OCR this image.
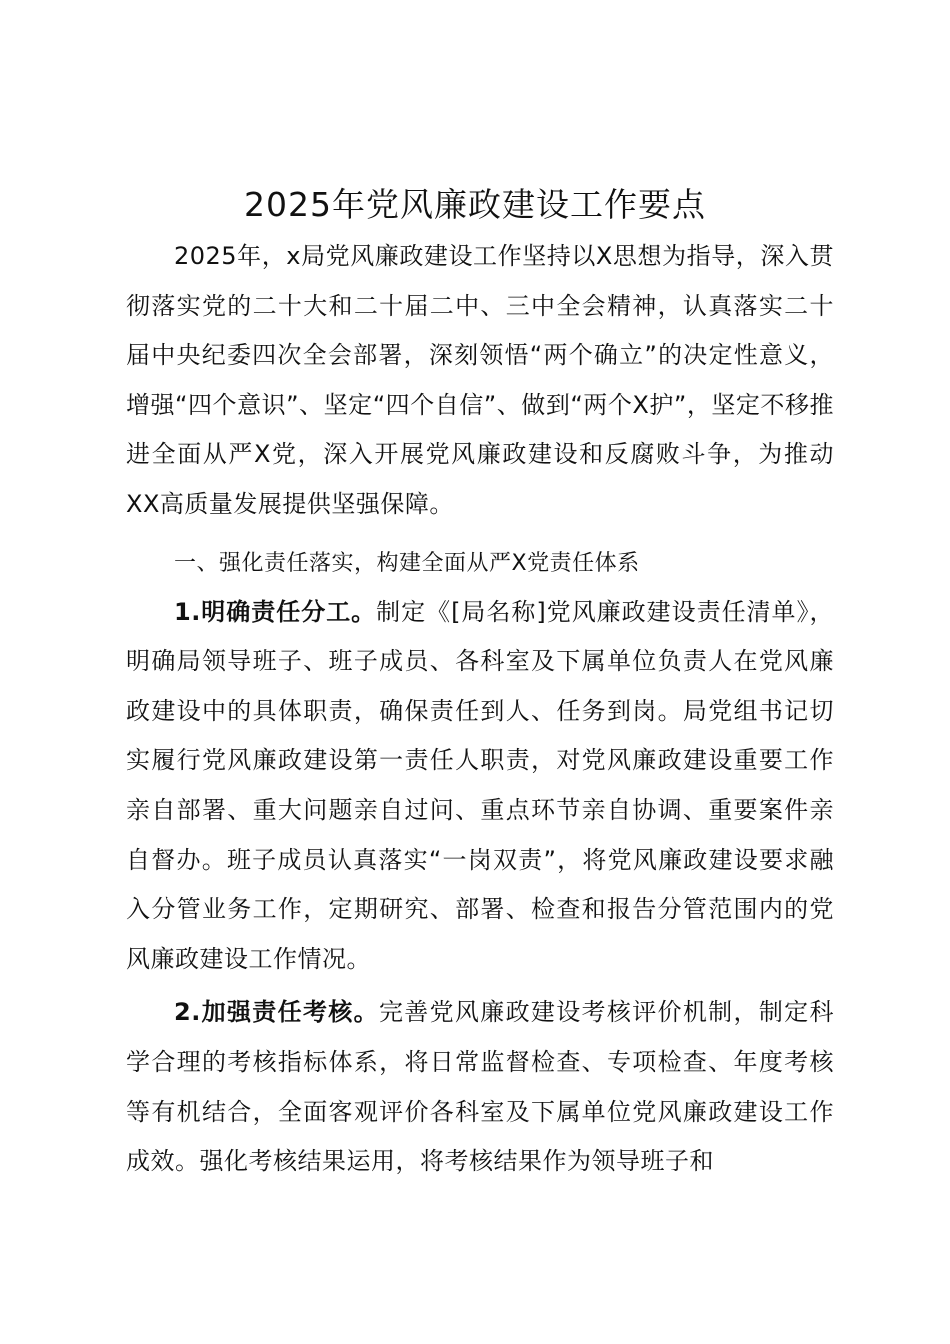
2025年党风廉政建设工作要点

2025年，x局党风廉政建设工作坚持以X思想为指导，深入贯彻落实党的二十大和二十届二中、三中全会精神，认真落实二十届中央纪委四次全会部署，深刻领悟“两个确立”的决定性意义，增强“四个意识”、坚定“四个自信”、做到“两个X护”，坚定不移推进全面从严X党，深入开展党风廉政建设和反腐败斗争，为推动XX高质量发展提供坚强保障。

一、强化责任落实，构建全面从严X党责任体系

1.明确责任分工。制定《[局名称]党风廉政建设责任清单》，明确局领导班子、班子成员、各科室及下属单位负责人在党风廉政建设中的具体职责，确保责任到人、任务到岗。局党组书记切实履行党风廉政建设第一责任人职责，对党风廉政建设重要工作亲自部署、重大问题亲自过问、重点环节亲自协调、重要案件亲自督办。班子成员认真落实“一岗双责”，将党风廉政建设要求融入分管业务工作，定期研究、部署、检查和报告分管范围内的党风廉政建设工作情况。

2.加强责任考核。完善党风廉政建设考核评价机制，制定科学合理的考核指标体系，将日常监督检查、专项检查、年度考核等有机结合，全面客观评价各科室及下属单位党风廉政建设工作成效。强化考核结果运用，将考核结果作为领导班子和
